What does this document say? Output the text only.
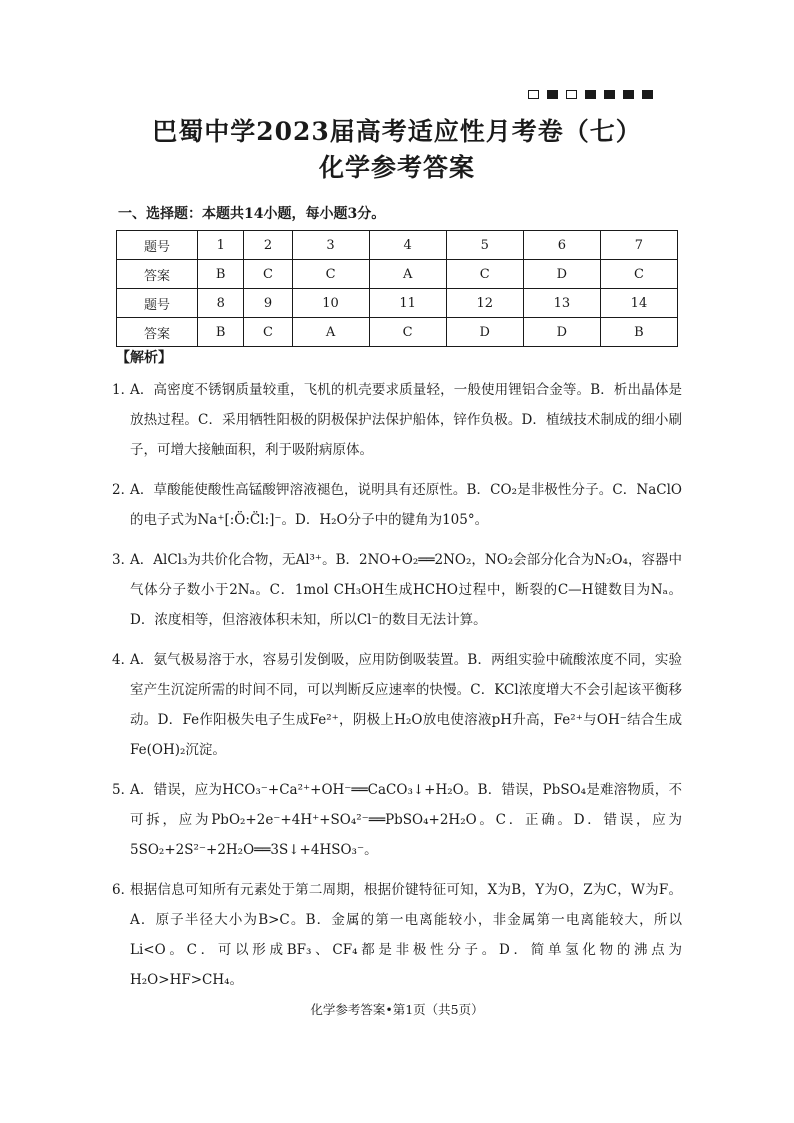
巴蜀中学2023届高考适应性月考卷（七）
化学参考答案

一、选择题：本题共14小题，每小题3分。

题号	1	2	3	4	5	6	7
答案	B	C	C	A	C	D	C
题号	8	9	10	11	12	13	14
答案	B	C	A	C	D	D	B

【解析】

1．
A．高密度不锈钢质量较重，飞机的机壳要求质量轻，一般使用锂铝合金等。B．析出晶体是放热过程。C．采用牺牲阳极的阴极保护法保护船体，锌作负极。D．植绒技术制成的细小刷子，可增大接触面积，利于吸附病原体。
2．
A．草酸能使酸性高锰酸钾溶液褪色，说明具有还原性。B．CO₂是非极性分子。C．NaClO的电子式为Na⁺[:Ö:C̈l:]⁻。D．H₂O分子中的键角为105°。
3．
A．AlCl₃为共价化合物，无Al³⁺。B．2NO+O₂══2NO₂，NO₂会部分化合为N₂O₄，容器中气体分子数小于2Nₐ。C．1mol CH₃OH生成HCHO过程中，断裂的C—H键数目为Nₐ。D．浓度相等，但溶液体积未知，所以Cl⁻的数目无法计算。
4．
A．氨气极易溶于水，容易引发倒吸，应用防倒吸装置。B．两组实验中硫酸浓度不同，实验室产生沉淀所需的时间不同，可以判断反应速率的快慢。C．KCl浓度增大不会引起该平衡移动。D．Fe作阳极失电子生成Fe²⁺，阴极上H₂O放电使溶液pH升高，Fe²⁺与OH⁻结合生成Fe(OH)₂沉淀。
5．
A．错误，应为HCO₃⁻+Ca²⁺+OH⁻══CaCO₃↓+H₂O。B．错误，PbSO₄是难溶物质，不可拆，应为PbO₂+2e⁻+4H⁺+SO₄²⁻══PbSO₄+2H₂O。C．正确。D．错误，应为5SO₂+2S²⁻+2H₂O══3S↓+4HSO₃⁻。
6．
根据信息可知所有元素处于第二周期，根据价键特征可知，X为B，Y为O，Z为C，W为F。A．原子半径大小为B>C。B．金属的第一电离能较小，非金属第一电离能较大，所以Li<O。C．可以形成BF₃、CF₄都是非极性分子。D．简单氢化物的沸点为H₂O>HF>CH₄。

化学参考答案•第1页（共5页）
